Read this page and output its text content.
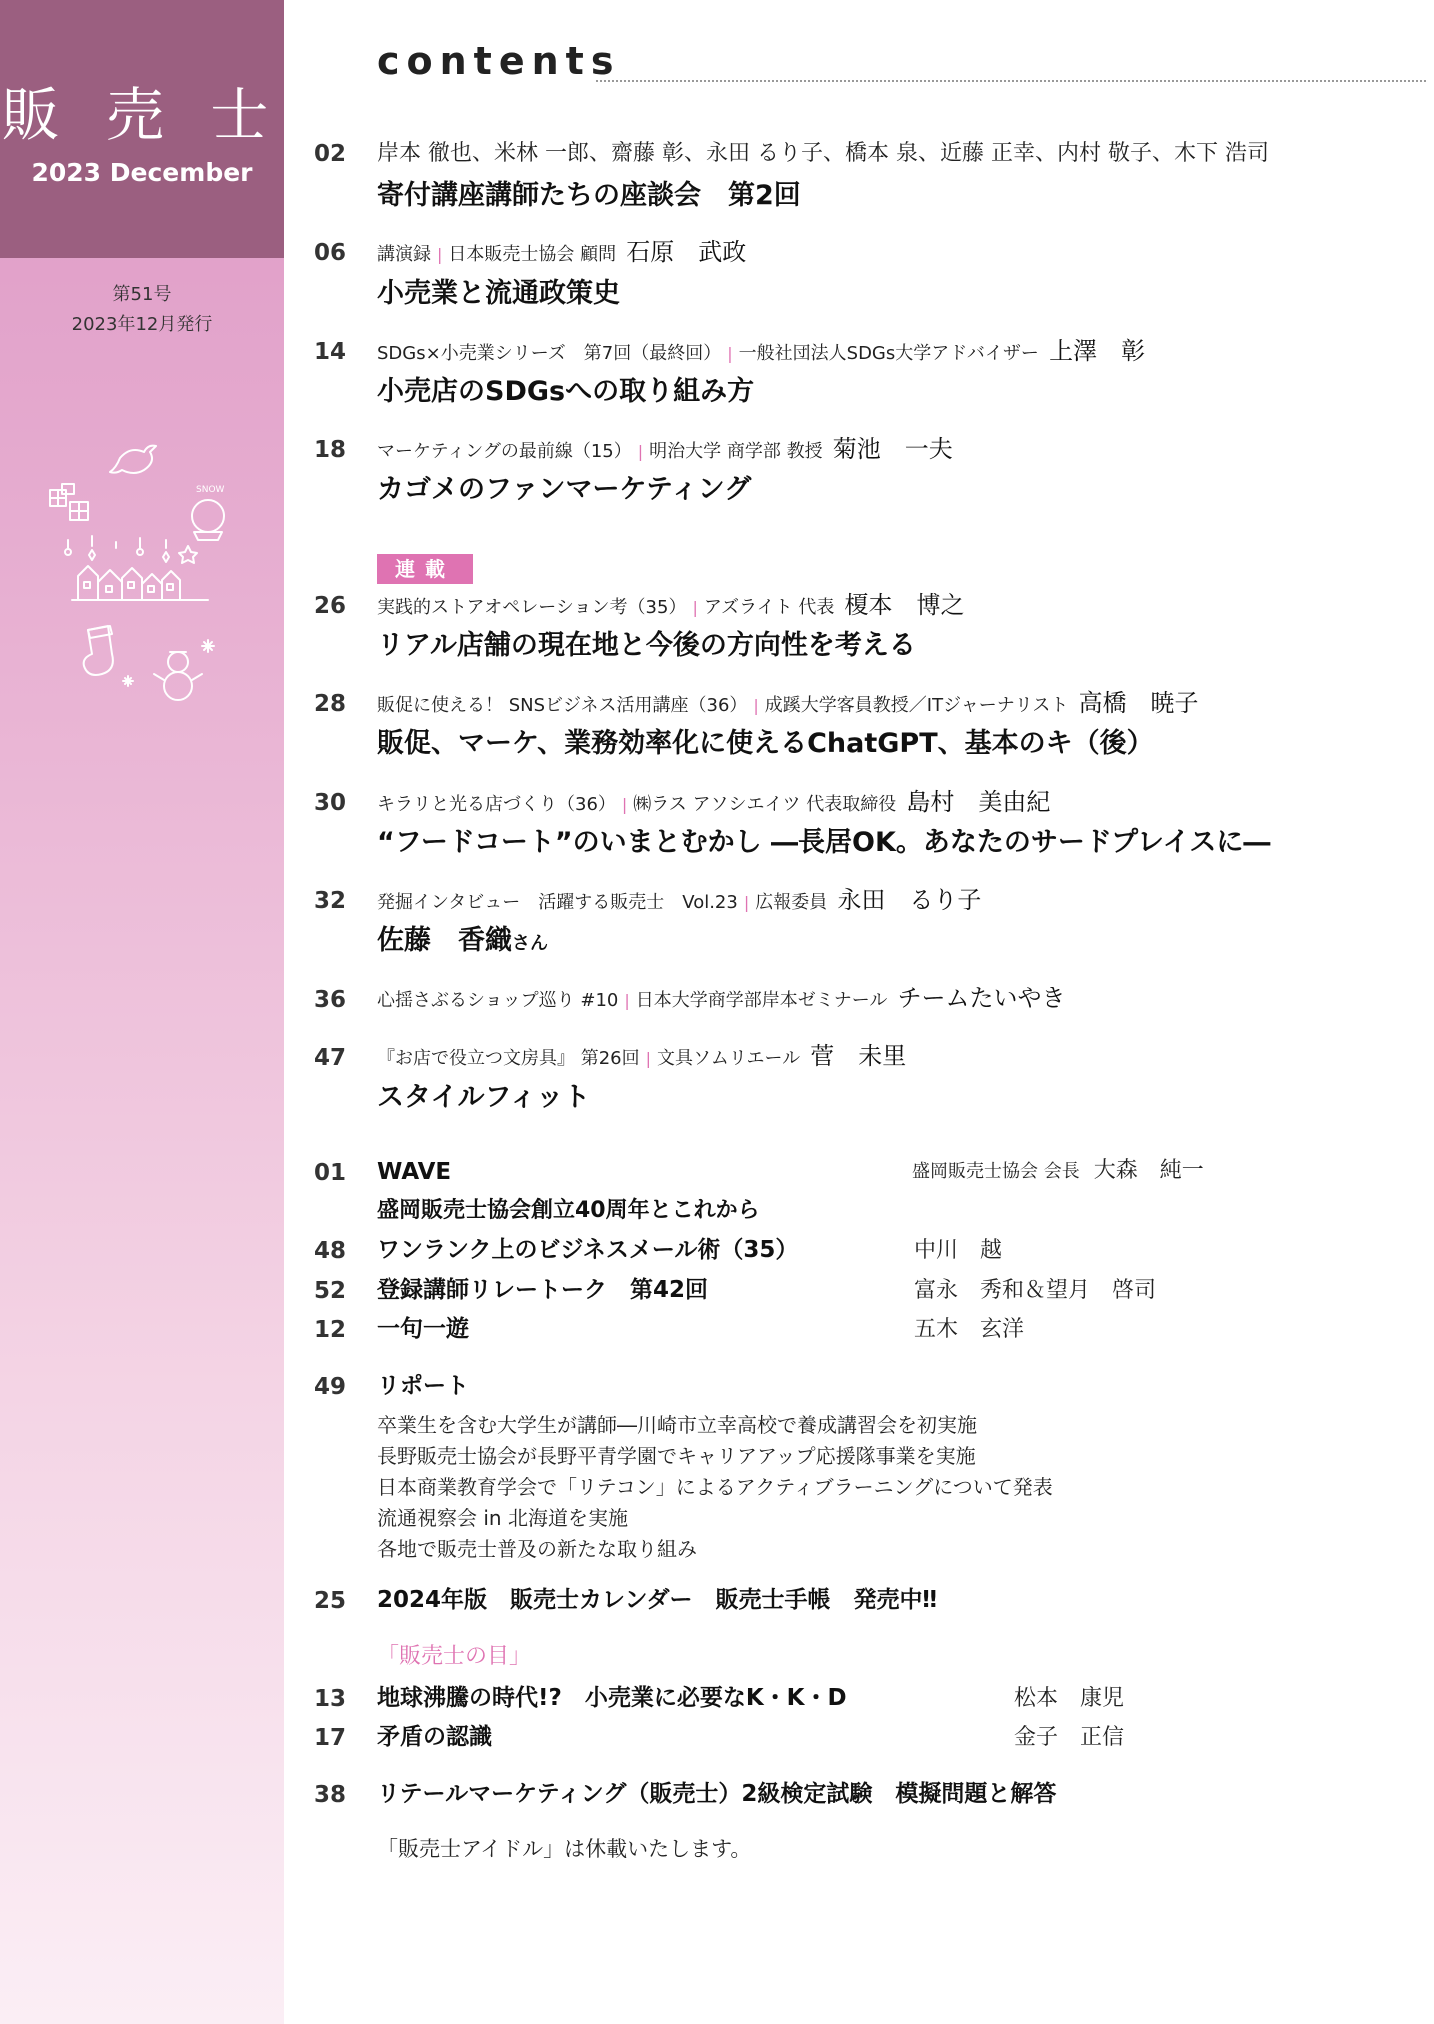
販 売 士
2023 December
第51号
2023年12月発行
SNOW
contents
02 岸本 徹也、米林 一郎、齋藤 彰、永田 るり子、橋本 泉、近藤 正幸、内村 敬子、木下 浩司
寄付講座講師たちの座談会　第2回
06 講演録 | 日本販売士協会 顧問 石原　武政
小売業と流通政策史
14 SDGs×小売業シリーズ　第7回（最終回） | 一般社団法人SDGs大学アドバイザー 上澤　彰
小売店のSDGsへの取り組み方
18 マーケティングの最前線（15） | 明治大学 商学部 教授 菊池　一夫
カゴメのファンマーケティング
連載
26 実践的ストアオペレーション考（35） | アズライト 代表 榎本　博之
リアル店舗の現在地と今後の方向性を考える
28 販促に使える！ SNSビジネス活用講座（36） | 成蹊大学客員教授／ITジャーナリスト 高橋　暁子
販促、マーケ、業務効率化に使えるChatGPT、基本のキ（後）
30 キラリと光る店づくり（36） | ㈱ラス アソシエイツ 代表取締役 島村　美由紀
“フードコート”のいまとむかし ―長居OK。あなたのサードプレイスに―
32 発掘インタビュー　活躍する販売士　Vol.23 | 広報委員 永田　るり子
佐藤　香織さん
36 心揺さぶるショップ巡り #10 | 日本大学商学部岸本ゼミナール チームたいやき
47 『お店で役立つ文房具』 第26回 | 文具ソムリエール 菅　未里
スタイルフィット
01 WAVE	盛岡販売士協会 会長 大森　純一
盛岡販売士協会創立40周年とこれから
48 ワンランク上のビジネスメール術（35）	中川　越
52 登録講師リレートーク　第42回	富永　秀和＆望月　啓司
12 一句一遊	五木　玄洋
49 リポート
卒業生を含む大学生が講師―川崎市立幸高校で養成講習会を初実施
長野販売士協会が長野平青学園でキャリアアップ応援隊事業を実施
日本商業教育学会で「リテコン」によるアクティブラーニングについて発表
流通視察会 in 北海道を実施
各地で販売士普及の新たな取り組み
25 2024年版　販売士カレンダー　販売士手帳　発売中‼
「販売士の目」
13 地球沸騰の時代!?　小売業に必要なK・K・D	松本　康児
17 矛盾の認識	金子　正信
38 リテールマーケティング（販売士）2級検定試験　模擬問題と解答
「販売士アイドル」は休載いたします。
